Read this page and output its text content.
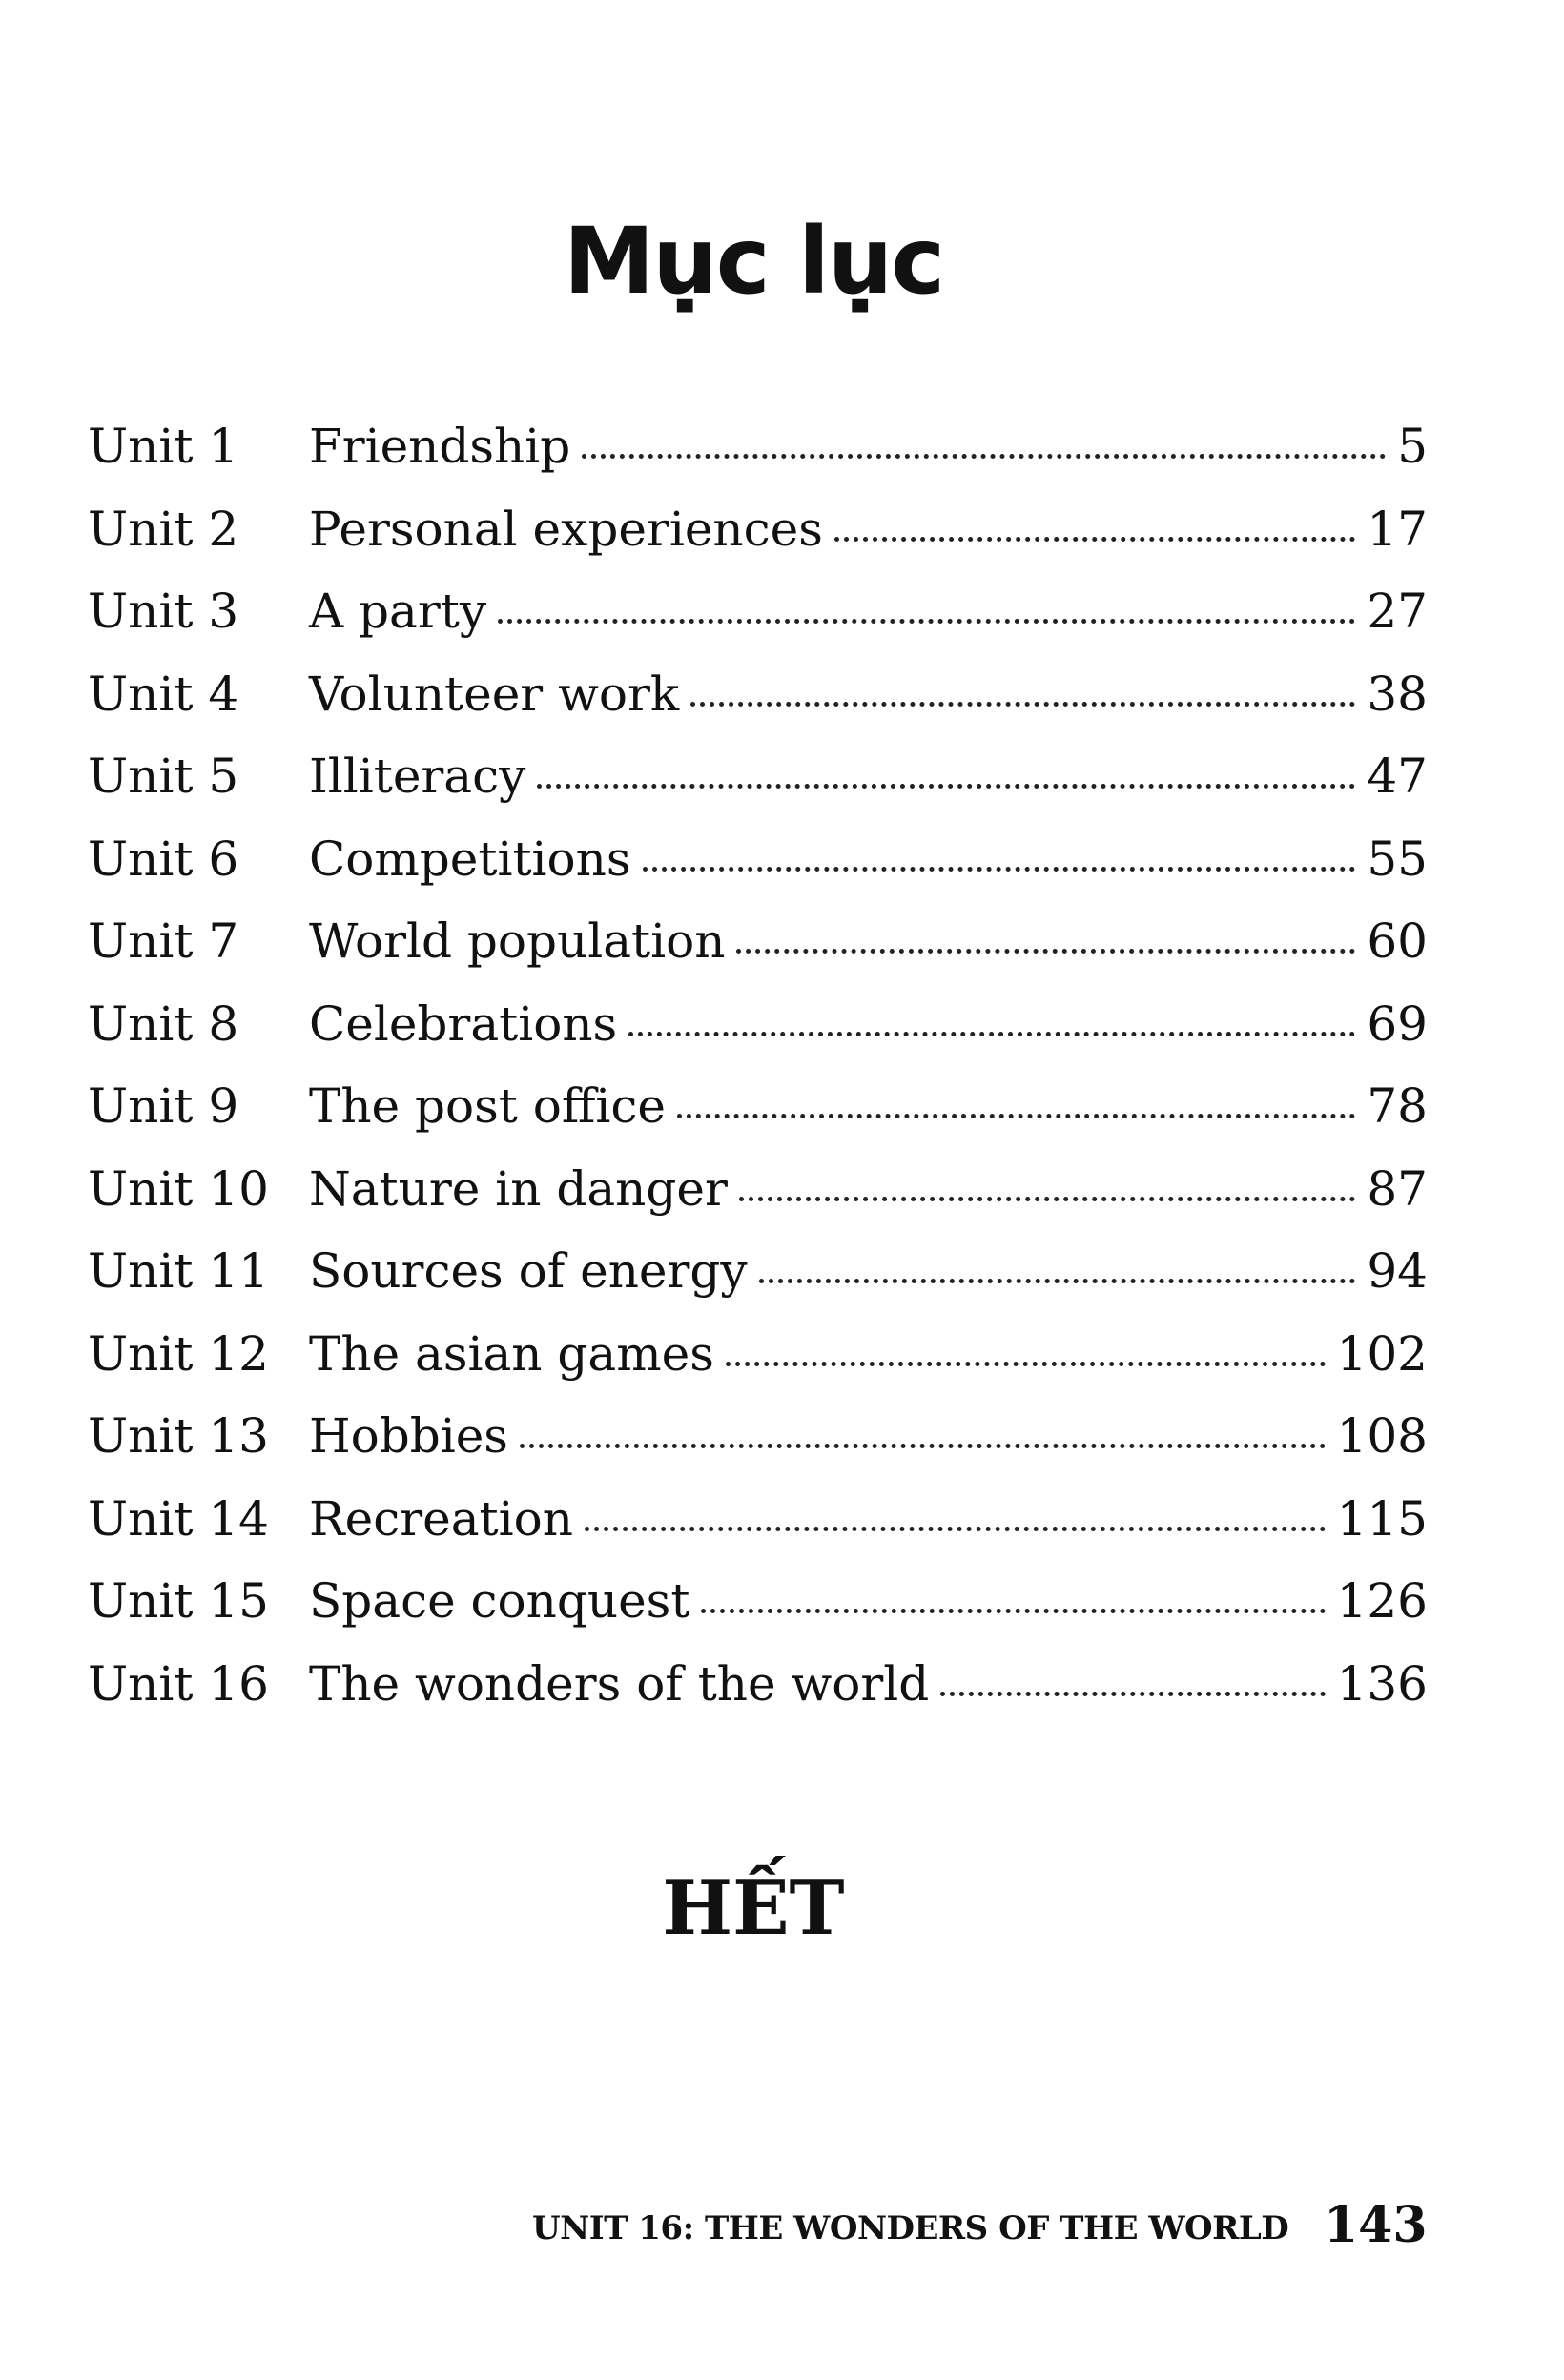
Mục lục
Unit 1	Friendship	5
Unit 2	Personal experiences	17
Unit 3	A party	27
Unit 4	Volunteer work	38
Unit 5	Illiteracy	47
Unit 6	Competitions	55
Unit 7	World population	60
Unit 8	Celebrations	69
Unit 9	The post office	78
Unit 10 Nature in danger	87
Unit 11 Sources of energy	94
Unit 12 The asian games	102
Unit 13 Hobbies	108
Unit 14 Recreation	115
Unit 15 Space conquest	126
Unit 16 The wonders of the world	136
HẾT
UNIT 16: THE WONDERS OF THE WORLD 143
